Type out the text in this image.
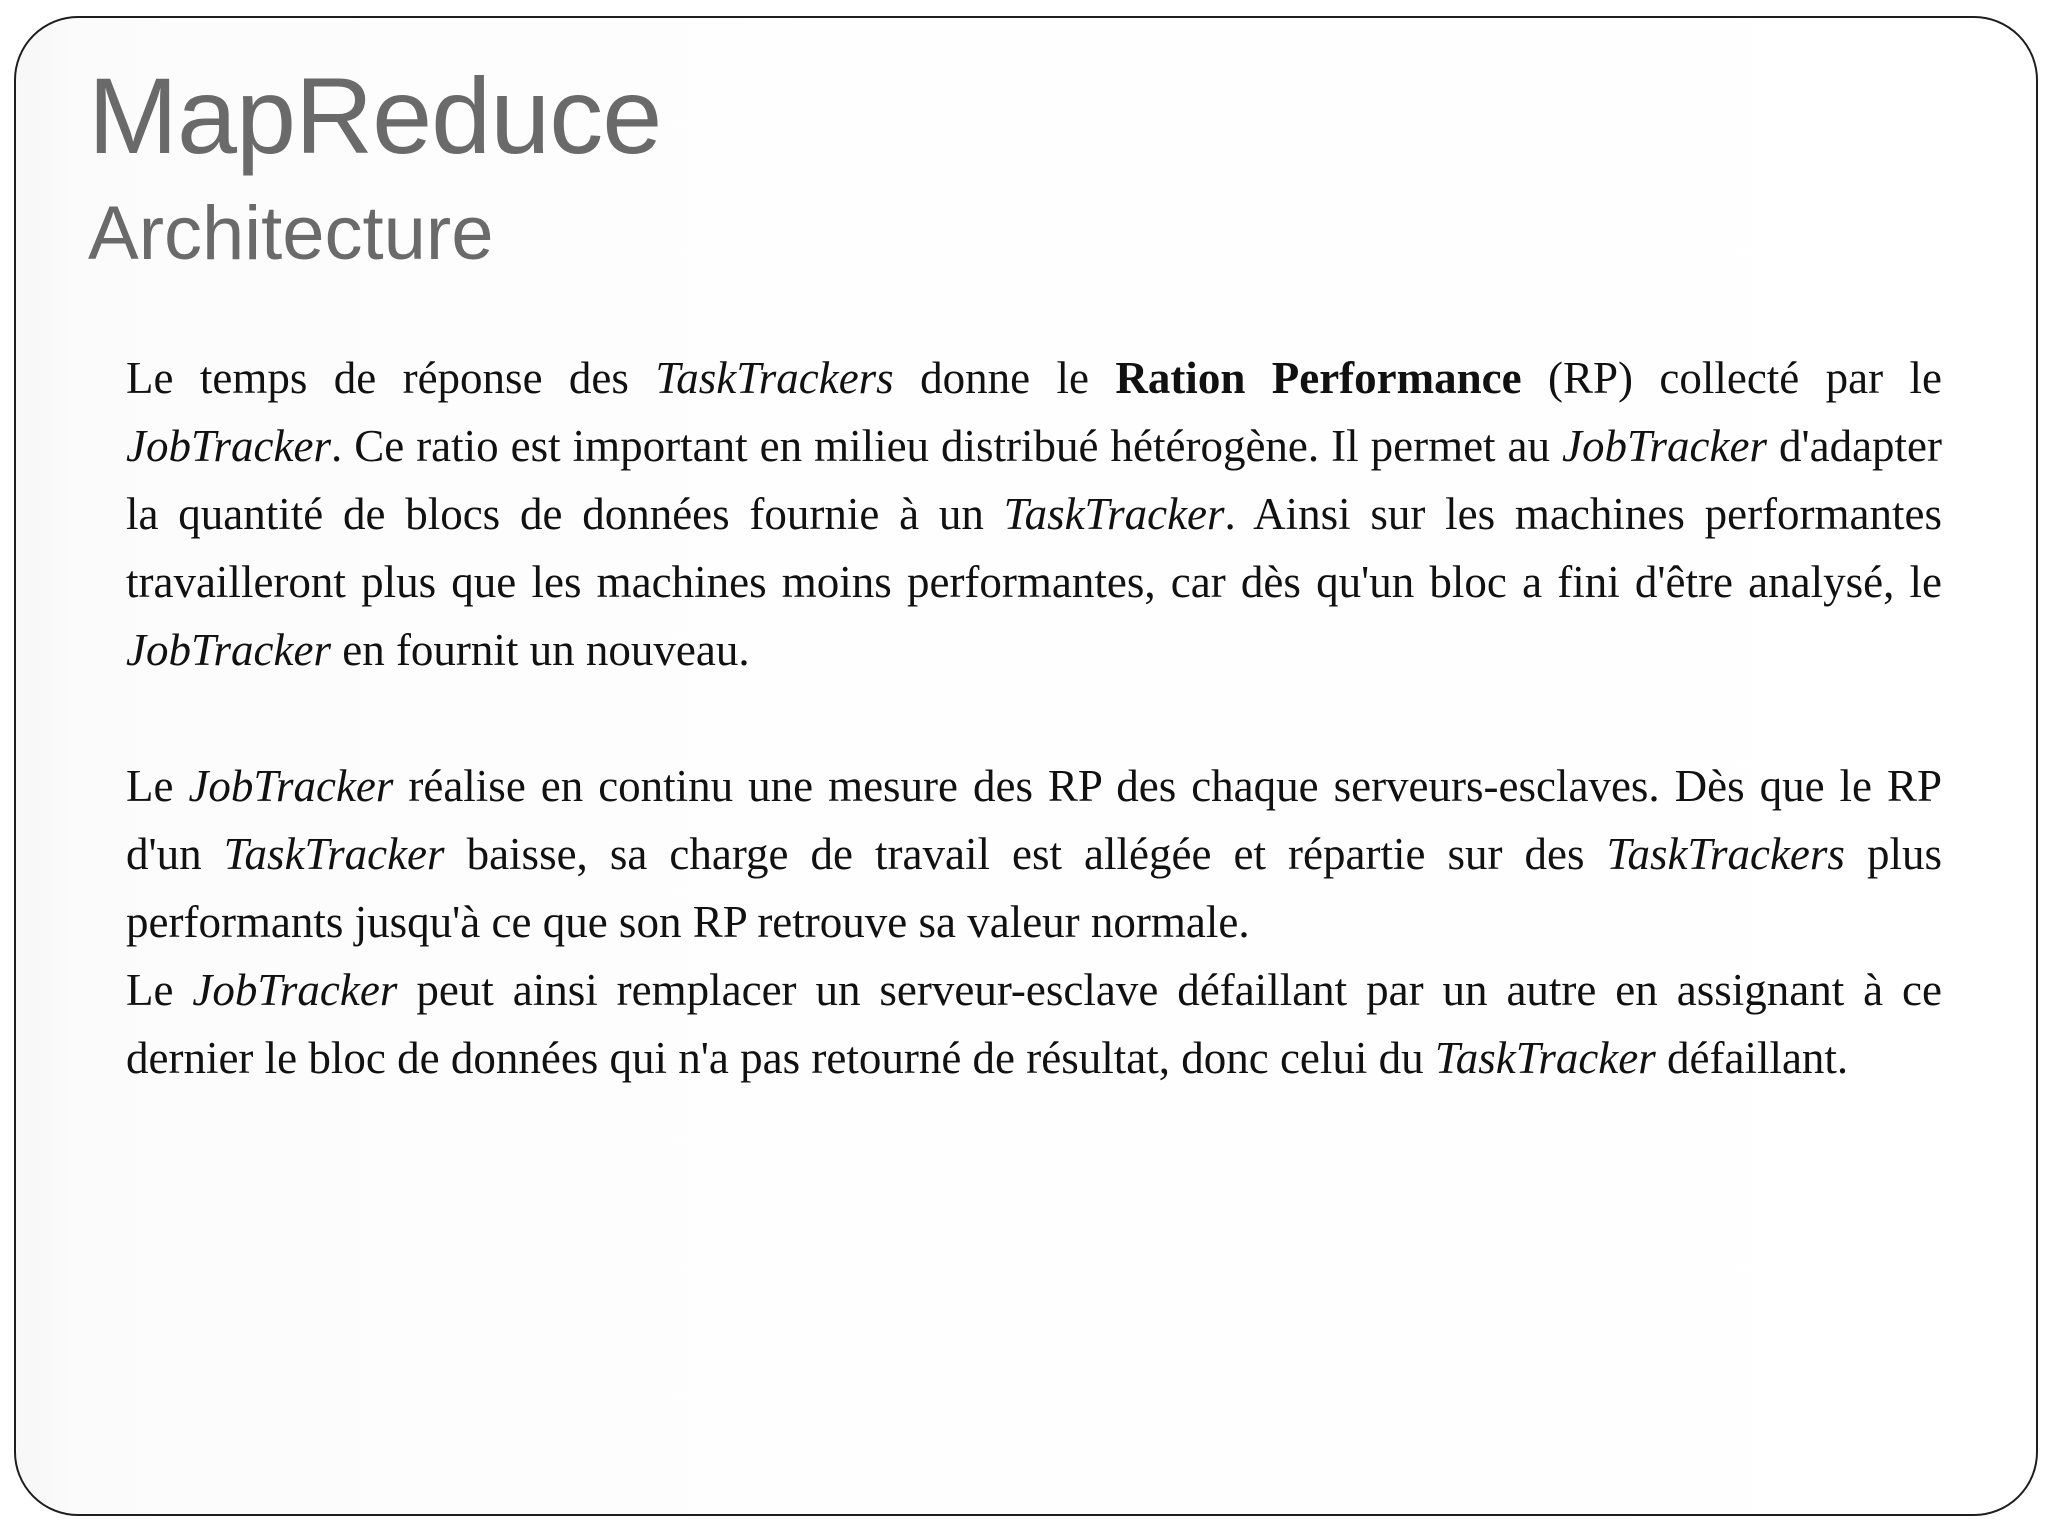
MapReduce
Architecture

Le temps de réponse des TaskTrackers donne le Ration Performance (RP) collecté par le JobTracker. Ce ratio est important en milieu distribué hétérogène. Il permet au JobTracker d'adapter la quantité de blocs de données fournie à un TaskTracker. Ainsi sur les machines performantes travailleront plus que les machines moins performantes, car dès qu'un bloc a fini d'être analysé, le JobTracker en fournit un nouveau.

Le JobTracker réalise en continu une mesure des RP des chaque serveurs-esclaves. Dès que le RP d'un TaskTracker baisse, sa charge de travail est allégée et répartie sur des TaskTrackers plus performants jusqu'à ce que son RP retrouve sa valeur normale.

Le JobTracker peut ainsi remplacer un serveur-esclave défaillant par un autre en assignant à ce dernier le bloc de données qui n'a pas retourné de résultat, donc celui du TaskTracker défaillant.
